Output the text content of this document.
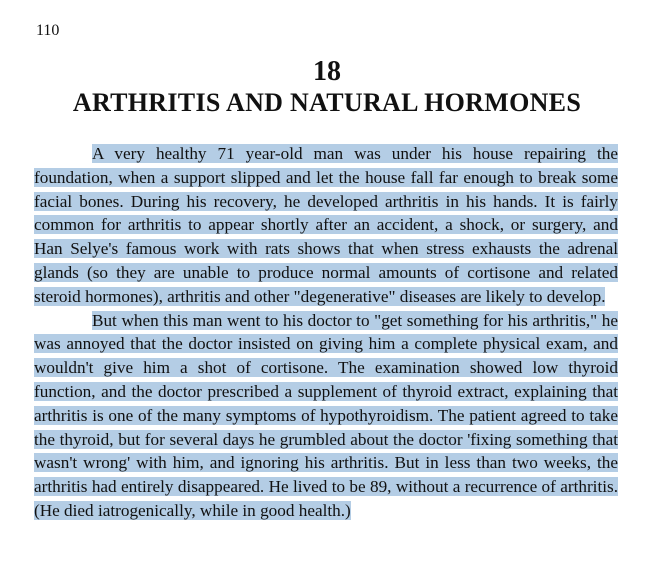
110
18
ARTHRITIS AND NATURAL HORMONES

A very healthy 71 year-old man was under his house repairing the foundation, when a support slipped and let the house fall far enough to break some facial bones. During his recovery, he developed arthritis in his hands. It is fairly common for arthritis to appear shortly after an accident, a shock, or surgery, and Han Selye's famous work with rats shows that when stress exhausts the adrenal glands (so they are unable to produce normal amounts of cortisone and related steroid hormones), arthritis and other "degenerative" diseases are likely to develop.

But when this man went to his doctor to "get something for his arthritis," he was annoyed that the doctor insisted on giving him a complete physical exam, and wouldn't give him a shot of cortisone. The examination showed low thyroid function, and the doctor prescribed a supplement of thyroid extract, explaining that arthritis is one of the many symptoms of hypothyroidism. The patient agreed to take the thyroid, but for several days he grumbled about the doctor 'fixing something that wasn't wrong' with him, and ignoring his arthritis. But in less than two weeks, the arthritis had entirely disappeared. He lived to be 89, without a recurrence of arthritis. (He died iatrogenically, while in good health.)
